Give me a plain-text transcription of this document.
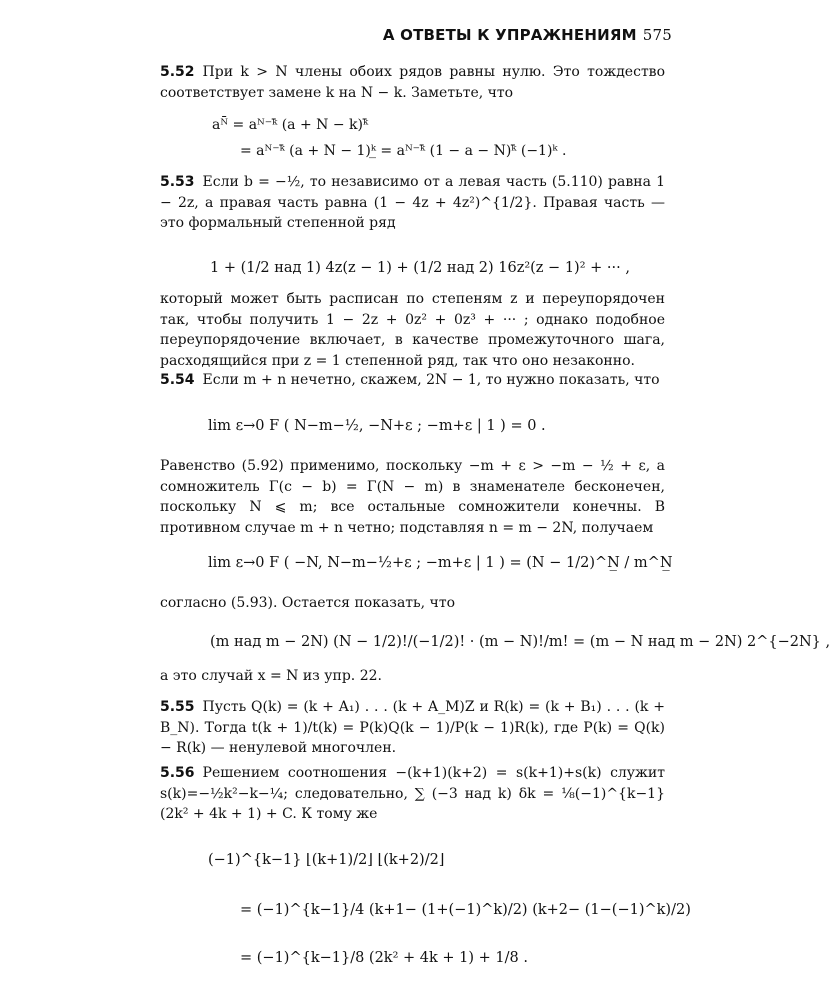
А ОТВЕТЫ К УПРАЖНЕНИЯМ 575
5.52 При k > N члены обоих рядов равны нулю. Это тождество соответствует замене k на N − k. Заметьте, что
aᴺ̄ = aᴺ⁻ᵏ̄ (a + N − k)ᵏ̄
= aᴺ⁻ᵏ̄ (a + N − 1)ᵏ̲ = aᴺ⁻ᵏ̄ (1 − a − N)ᵏ̄ (−1)ᵏ .
5.53 Если b = −½, то независимо от a левая часть (5.110) равна 1 − 2z, а правая часть равна (1 − 4z + 4z²)^{1/2}. Правая часть — это формальный степенной ряд
1 + (1/2 над 1) 4z(z − 1) + (1/2 над 2) 16z²(z − 1)² + ··· ,
который может быть расписан по степеням z и переупорядочен так, чтобы получить 1 − 2z + 0z² + 0z³ + ··· ; однако подобное переупорядочение включает, в качестве промежуточного шага, расходящийся при z = 1 степенной ряд, так что оно незаконно.
5.54 Если m + n нечетно, скажем, 2N − 1, то нужно показать, что
lim ε→0 F ( N−m−½, −N+ε ; −m+ε | 1 ) = 0 .
Равенство (5.92) применимо, поскольку −m + ε > −m − ½ + ε, а сомножитель Γ(c − b) = Γ(N − m) в знаменателе бесконечен, поскольку N ⩽ m; все остальные сомножители конечны. В противном случае m + n четно; подставляя n = m − 2N, получаем
lim ε→0 F ( −N, N−m−½+ε ; −m+ε | 1 ) = (N − 1/2)^N̲ / m^N̲
согласно (5.93). Остается показать, что
(m над m − 2N) (N − 1/2)!/(−1/2)! · (m − N)!/m! = (m − N над m − 2N) 2^{−2N} ,
а это случай x = N из упр. 22.
5.55 Пусть Q(k) = (k + A₁) . . . (k + A_M)Z и R(k) = (k + B₁) . . . (k + B_N). Тогда t(k + 1)/t(k) = P(k)Q(k − 1)/P(k − 1)R(k), где P(k) = Q(k) − R(k) — ненулевой многочлен.
5.56 Решением соотношения −(k+1)(k+2) = s(k+1)+s(k) служит s(k)=−½k²−k−¼; следовательно, ∑ (−3 над k) δk = ⅛(−1)^{k−1}(2k² + 4k + 1) + C. К тому же
(−1)^{k−1} ⌊(k+1)/2⌋ ⌊(k+2)/2⌋
= (−1)^{k−1}/4 (k+1− (1+(−1)^k)/2) (k+2− (1−(−1)^k)/2)
= (−1)^{k−1}/8 (2k² + 4k + 1) + 1/8 .
